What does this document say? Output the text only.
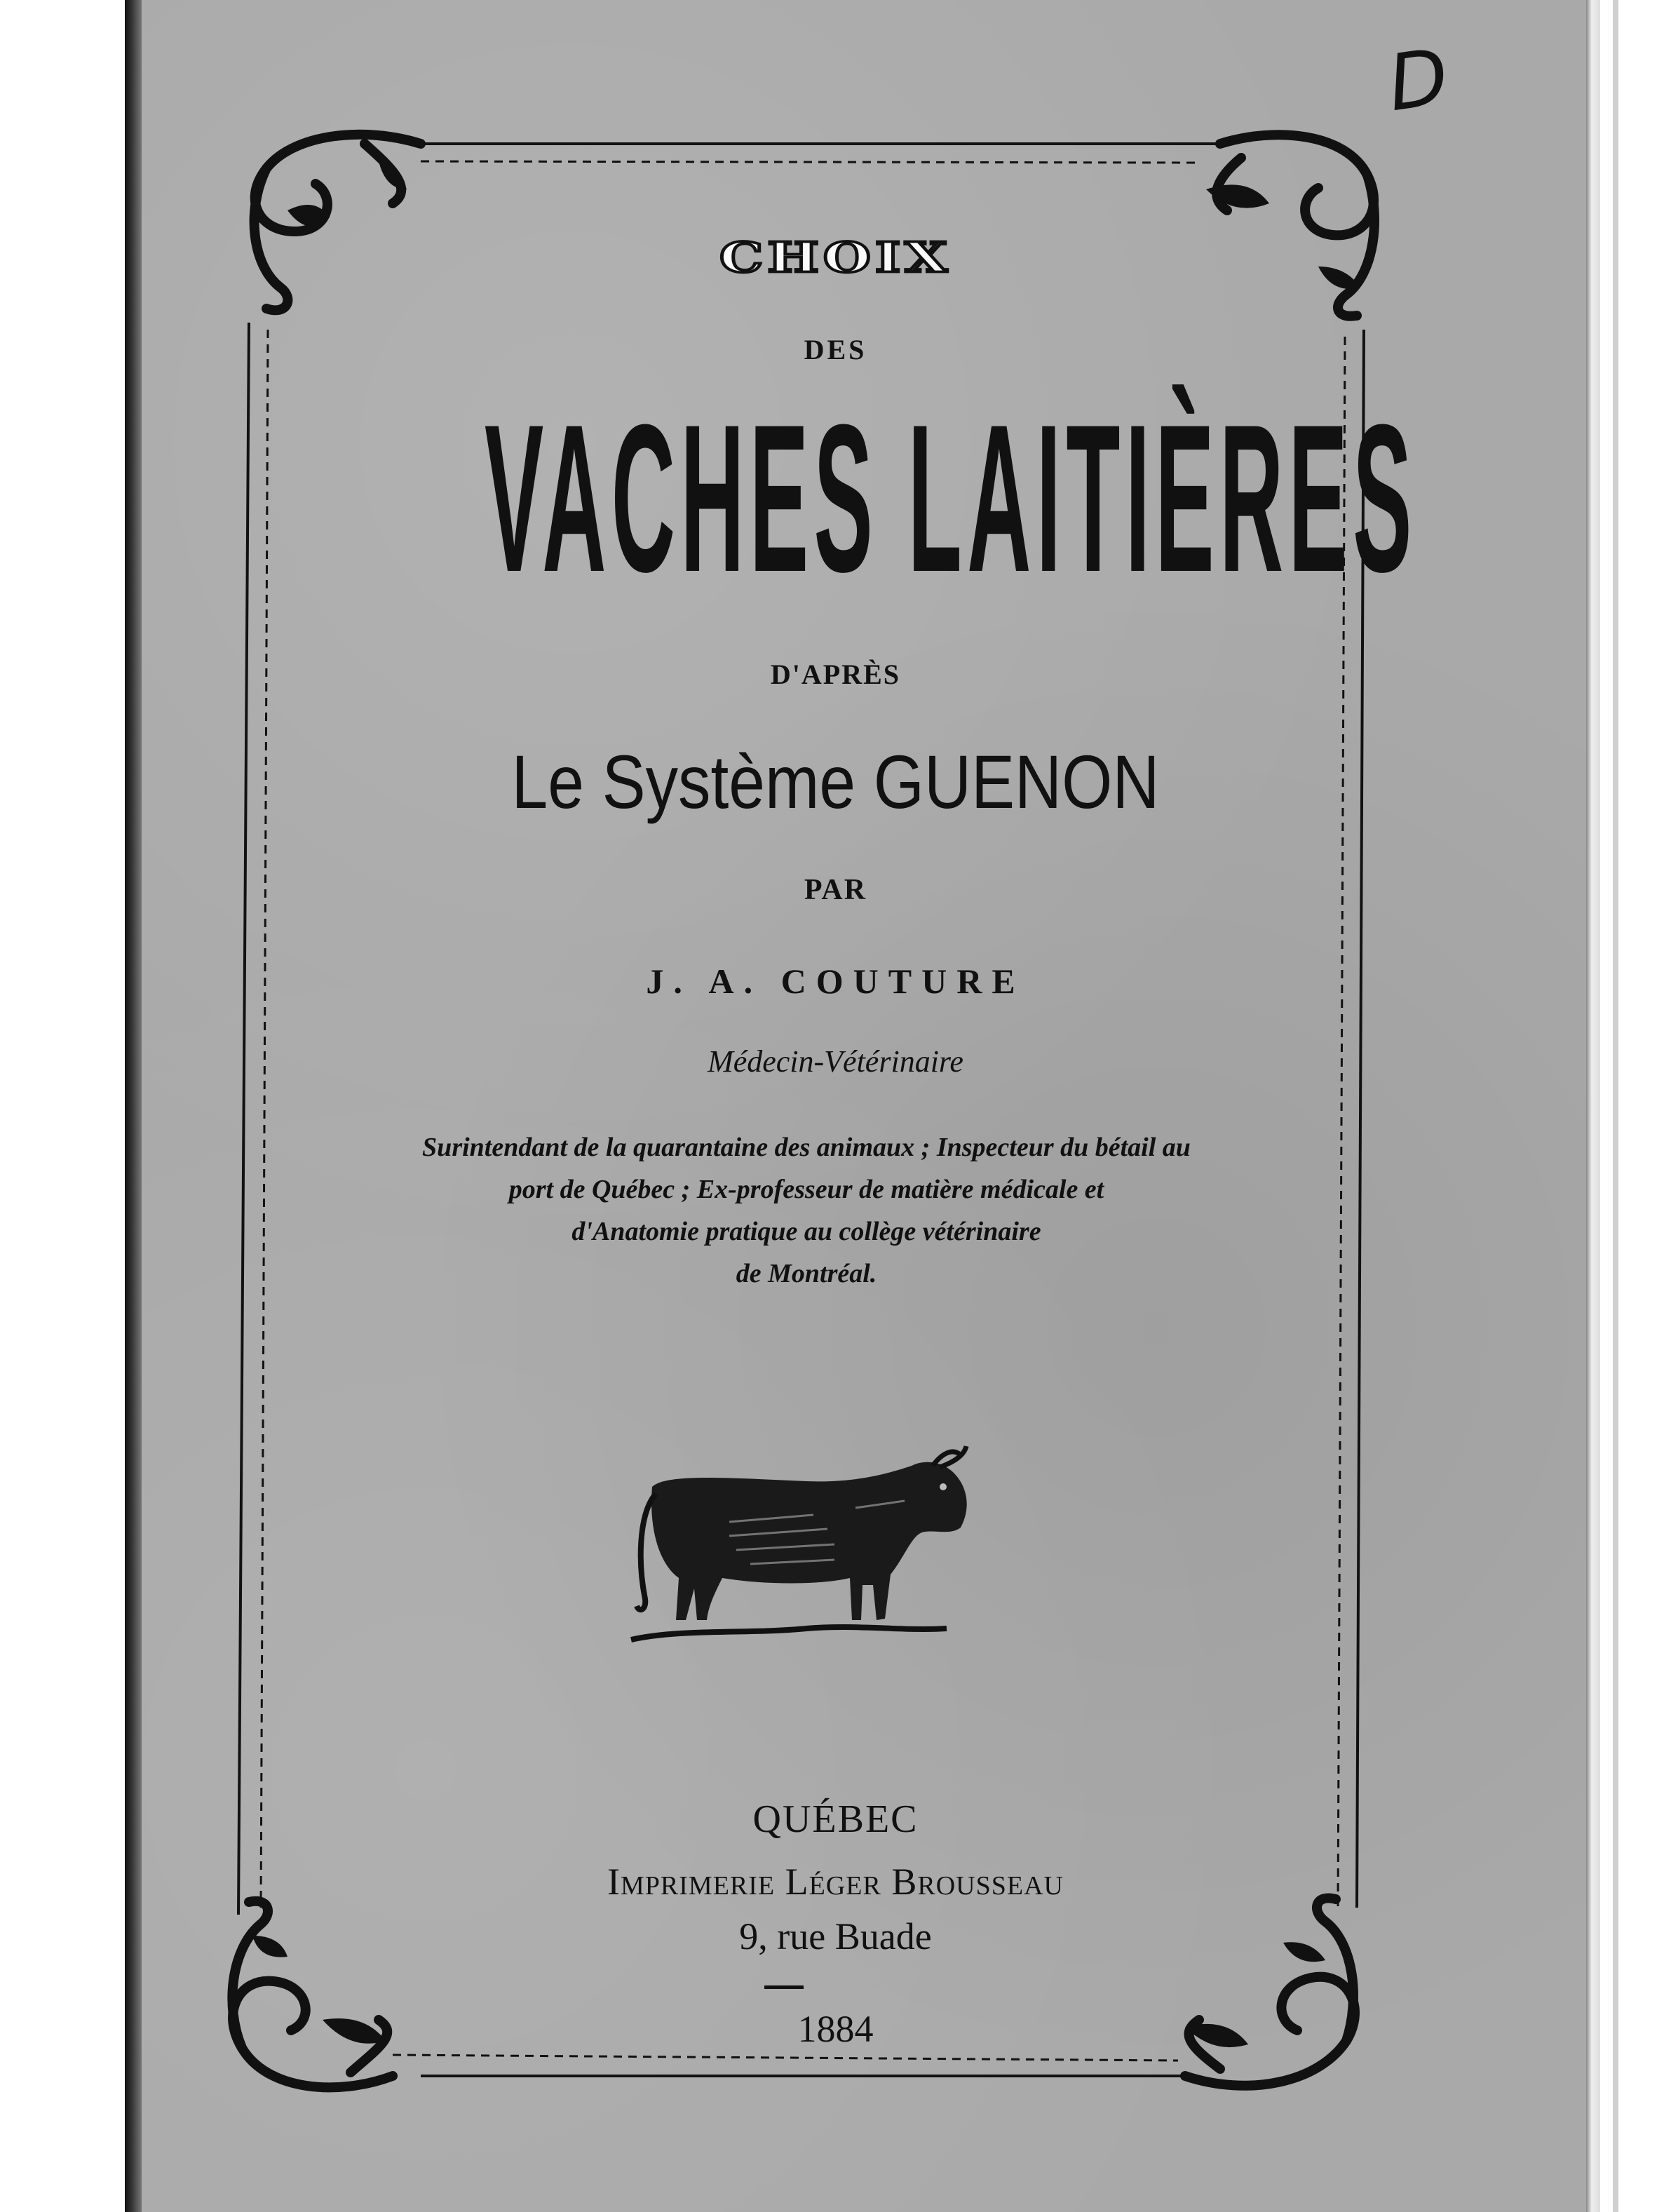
D
CHOIX
DES
VACHES LAITIÈRES
D'APRÈS
Le Système GUENON
PAR
J. A. COUTURE
Médecin-Vétérinaire
Surintendant de la quarantaine des animaux ; Inspecteur du bétail au
port de Québec ; Ex-professeur de matière médicale et
d'Anatomie pratique au collège vétérinaire
de Montréal.
QUÉBEC
Imprimerie Léger Brousseau
9, rue Buade
1884
